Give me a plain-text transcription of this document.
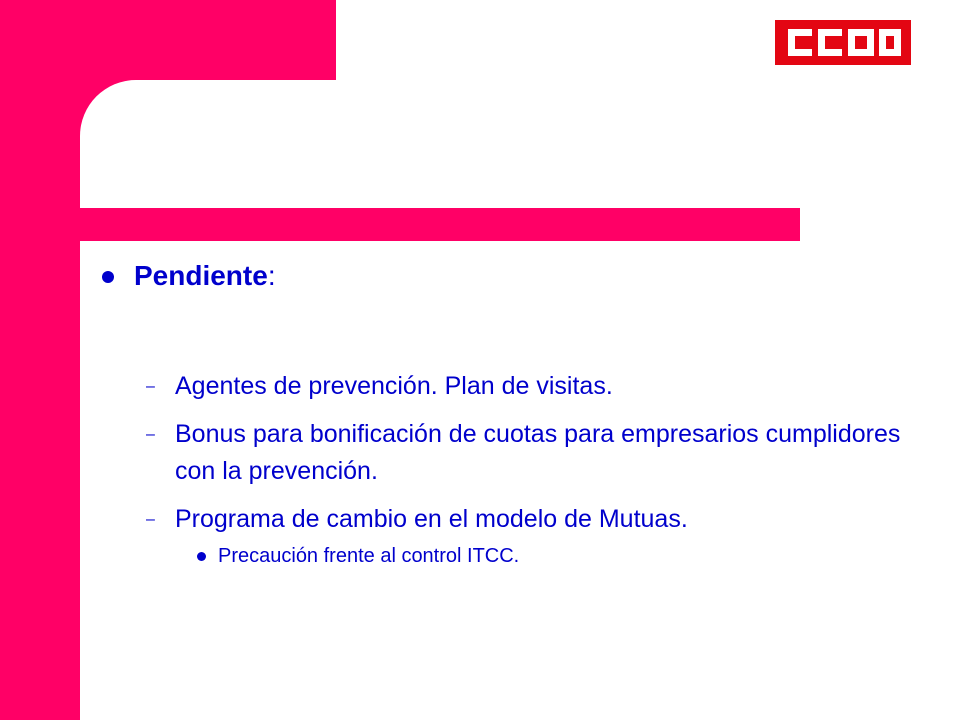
Pendiente:
– Agentes de prevención. Plan de visitas.
– Bonus para bonificación de cuotas para empresarios cumplidores con la prevención.
– Programa de cambio en el modelo de Mutuas.
Precaución frente al control ITCC.
